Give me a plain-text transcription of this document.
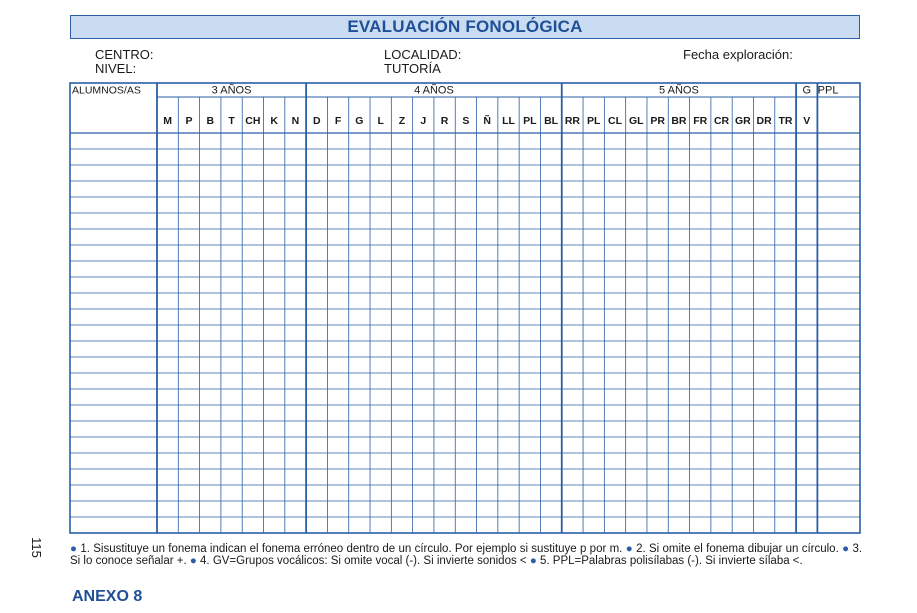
EVALUACIÓN FONOLÓGICA
CENTRO:
NIVEL:
LOCALIDAD:
TUTORÍA
Fecha exploración:
3 AÑOS
M P B T CH K N
4 AÑOS
D F G L Z J R S Ñ LL PL BL
5 AÑOS
RR PL CL GL PR BR FR CR GR DR TR
G
V
PPL
ALUMNOS/AS
115 ● 1. Sisustituye un fonema indican el fonema erróneo dentro de un círculo. Por ejemplo si sustituye p por m. ● 2. Si omite el fonema dibujar un círculo. ● 3. Si lo conoce señalar +. ● 4. GV=Grupos vocálicos: Si omite vocal (-). Si invierte sonidos < ● 5. PPL=Palabras polisílabas (-). Si invierte sílaba <.
ANEXO 8
